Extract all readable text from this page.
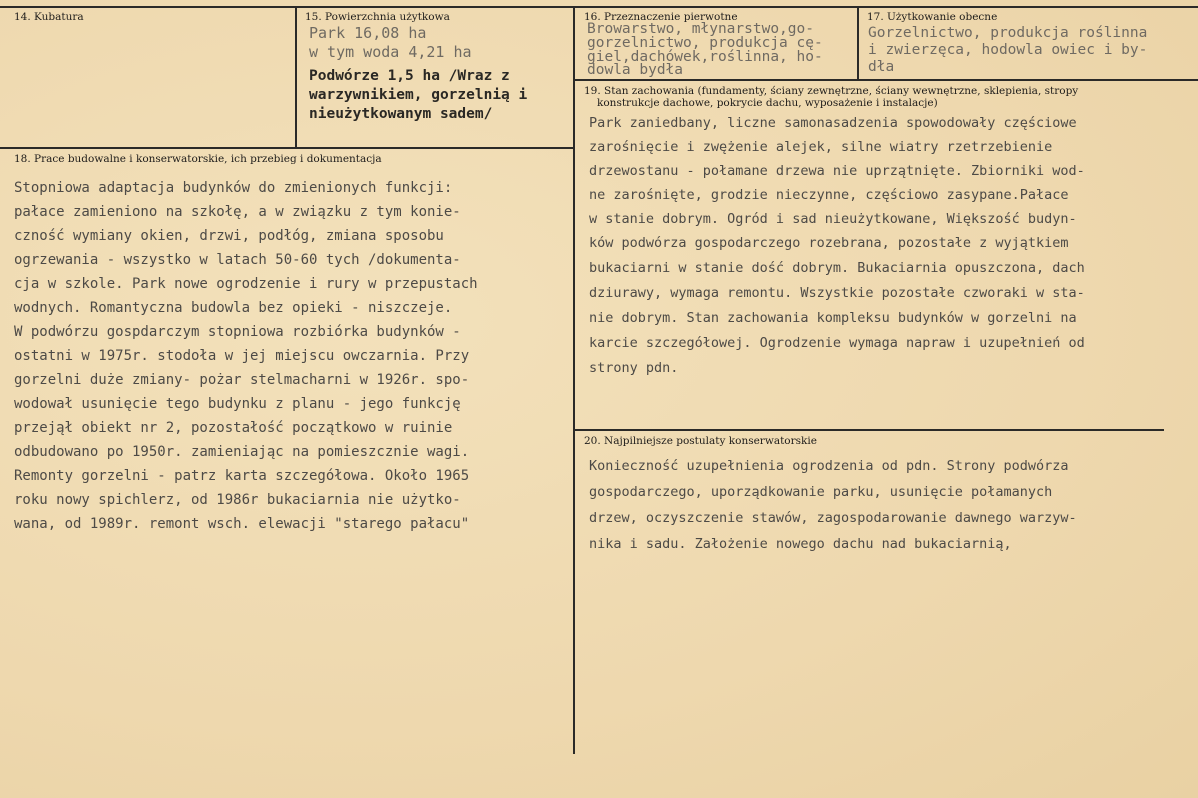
14. Kubatura	15. Powierzchnia użytkowa
Park 16,08 ha
w tym woda 4,21 ha
Podwórze 1,5 ha /Wraz z
warzywnikiem, gorzelnią i
nieużytkowanym sadem/
16. Przeznaczenie pierwotne
Browarstwo, młynarstwo,go-
gorzelnictwo, produkcja cę-
giel,dachówek,roślinna, ho-
dowla bydła
17. Użytkowanie obecne
Gorzelnictwo, produkcja roślinna
i zwierzęca, hodowla owiec i by-
dła
19. Stan zachowania (fundamenty, ściany zewnętrzne, ściany wewnętrzne, sklepienia, stropy
konstrukcje dachowe, pokrycie dachu, wyposażenie i instalacje)
Park zaniedbany, liczne samonasadzenia spowodowały częściowe
zarośnięcie i zwężenie alejek, silne wiatry rzetrzebienie
drzewostanu - połamane drzewa nie uprzątnięte. Zbiorniki wod-
ne zarośnięte, grodzie nieczynne, częściowo zasypane.Pałace
w stanie dobrym. Ogród i sad nieużytkowane, Większość budyn-
ków podwórza gospodarczego rozebrana, pozostałe z wyjątkiem
bukaciarni w stanie dość dobrym. Bukaciarnia opuszczona, dach
dziurawy, wymaga remontu. Wszystkie pozostałe czworaki w sta-
nie dobrym. Stan zachowania kompleksu budynków w gorzelni na
karcie szczegółowej. Ogrodzenie wymaga napraw i uzupełnień od
strony pdn.
18. Prace budowalne i konserwatorskie, ich przebieg i dokumentacja
Stopniowa adaptacja budynków do zmienionych funkcji:
pałace zamieniono na szkołę, a w związku z tym konie-
czność wymiany okien, drzwi, podłóg, zmiana sposobu
ogrzewania - wszystko w latach 50-60 tych /dokumenta-
cja w szkole. Park nowe ogrodzenie i rury w przepustach
wodnych. Romantyczna budowla bez opieki - niszczeje.
W podwórzu gospdarczym stopniowa rozbiórka budynków -
ostatni w 1975r. stodoła w jej miejscu owczarnia. Przy
gorzelni duże zmiany- pożar stelmacharni w 1926r. spo-
wodował usunięcie tego budynku z planu - jego funkcję
przejął obiekt nr 2, pozostałość początkowo w ruinie
odbudowano po 1950r. zamieniając na pomieszcznie wagi.
Remonty gorzelni - patrz karta szczegółowa. Około 1965
roku nowy spichlerz, od 1986r bukaciarnia nie użytko-
wana, od 1989r. remont wsch. elewacji "starego pałacu"
20. Najpilniejsze postulaty konserwatorskie
Konieczność uzupełnienia ogrodzenia od pdn. Strony podwórza
gospodarczego, uporządkowanie parku, usunięcie połamanych
drzew, oczyszczenie stawów, zagospodarowanie dawnego warzyw-
nika i sadu. Założenie nowego dachu nad bukaciarnią,
